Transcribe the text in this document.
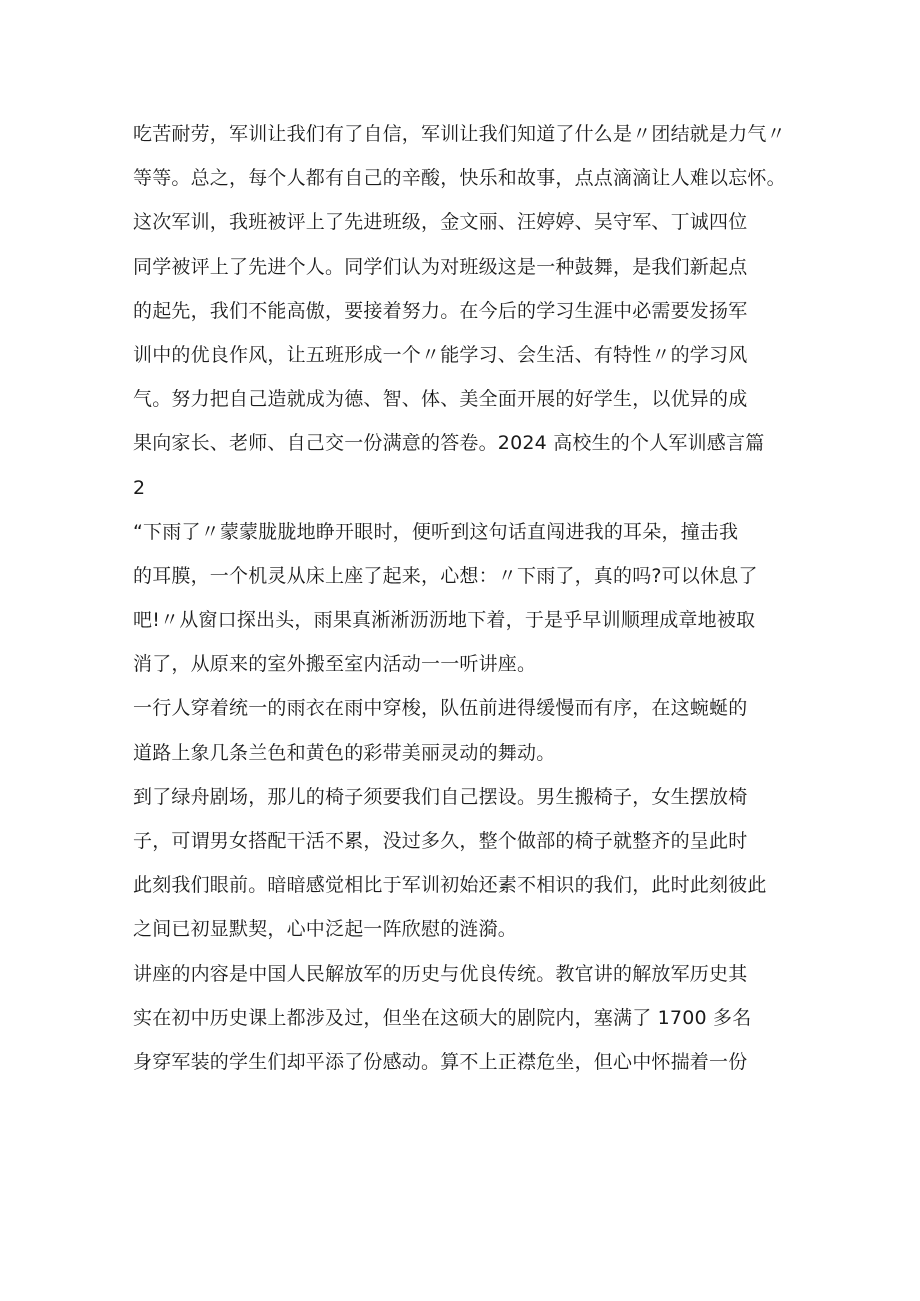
吃苦耐劳，军训让我们有了自信，军训让我们知道了什么是〃团结就是力气〃
等等。总之，每个人都有自己的辛酸，快乐和故事，点点滴滴让人难以忘怀。
这次军训，我班被评上了先进班级，金文丽、汪婷婷、吴守军、丁诚四位
同学被评上了先进个人。同学们认为对班级这是一种鼓舞，是我们新起点
的起先，我们不能高傲，要接着努力。在今后的学习生涯中必需要发扬军
训中的优良作风，让五班形成一个〃能学习、会生活、有特性〃的学习风
气。努力把自己造就成为德、智、体、美全面开展的好学生，以优异的成
果向家长、老师、自己交一份满意的答卷。2024 高校生的个人军训感言篇
2
“下雨了〃蒙蒙胧胧地睁开眼时，便听到这句话直闯进我的耳朵，撞击我
的耳膜，一个机灵从床上座了起来，心想：〃下雨了，真的吗?可以休息了
吧!〃从窗口探出头，雨果真淅淅沥沥地下着，于是乎早训顺理成章地被取
消了，从原来的室外搬至室内活动一一听讲座。
一行人穿着统一的雨衣在雨中穿梭，队伍前进得缓慢而有序，在这蜿蜒的
道路上象几条兰色和黄色的彩带美丽灵动的舞动。
到了绿舟剧场，那儿的椅子须要我们自己摆设。男生搬椅子，女生摆放椅
子，可谓男女搭配干活不累，没过多久，整个做部的椅子就整齐的呈此时
此刻我们眼前。暗暗感觉相比于军训初始还素不相识的我们，此时此刻彼此
之间已初显默契，心中泛起一阵欣慰的涟漪。
讲座的内容是中国人民解放军的历史与优良传统。教官讲的解放军历史其
实在初中历史课上都涉及过，但坐在这硕大的剧院内，塞满了 1700 多名
身穿军装的学生们却平添了份感动。算不上正襟危坐，但心中怀揣着一份
